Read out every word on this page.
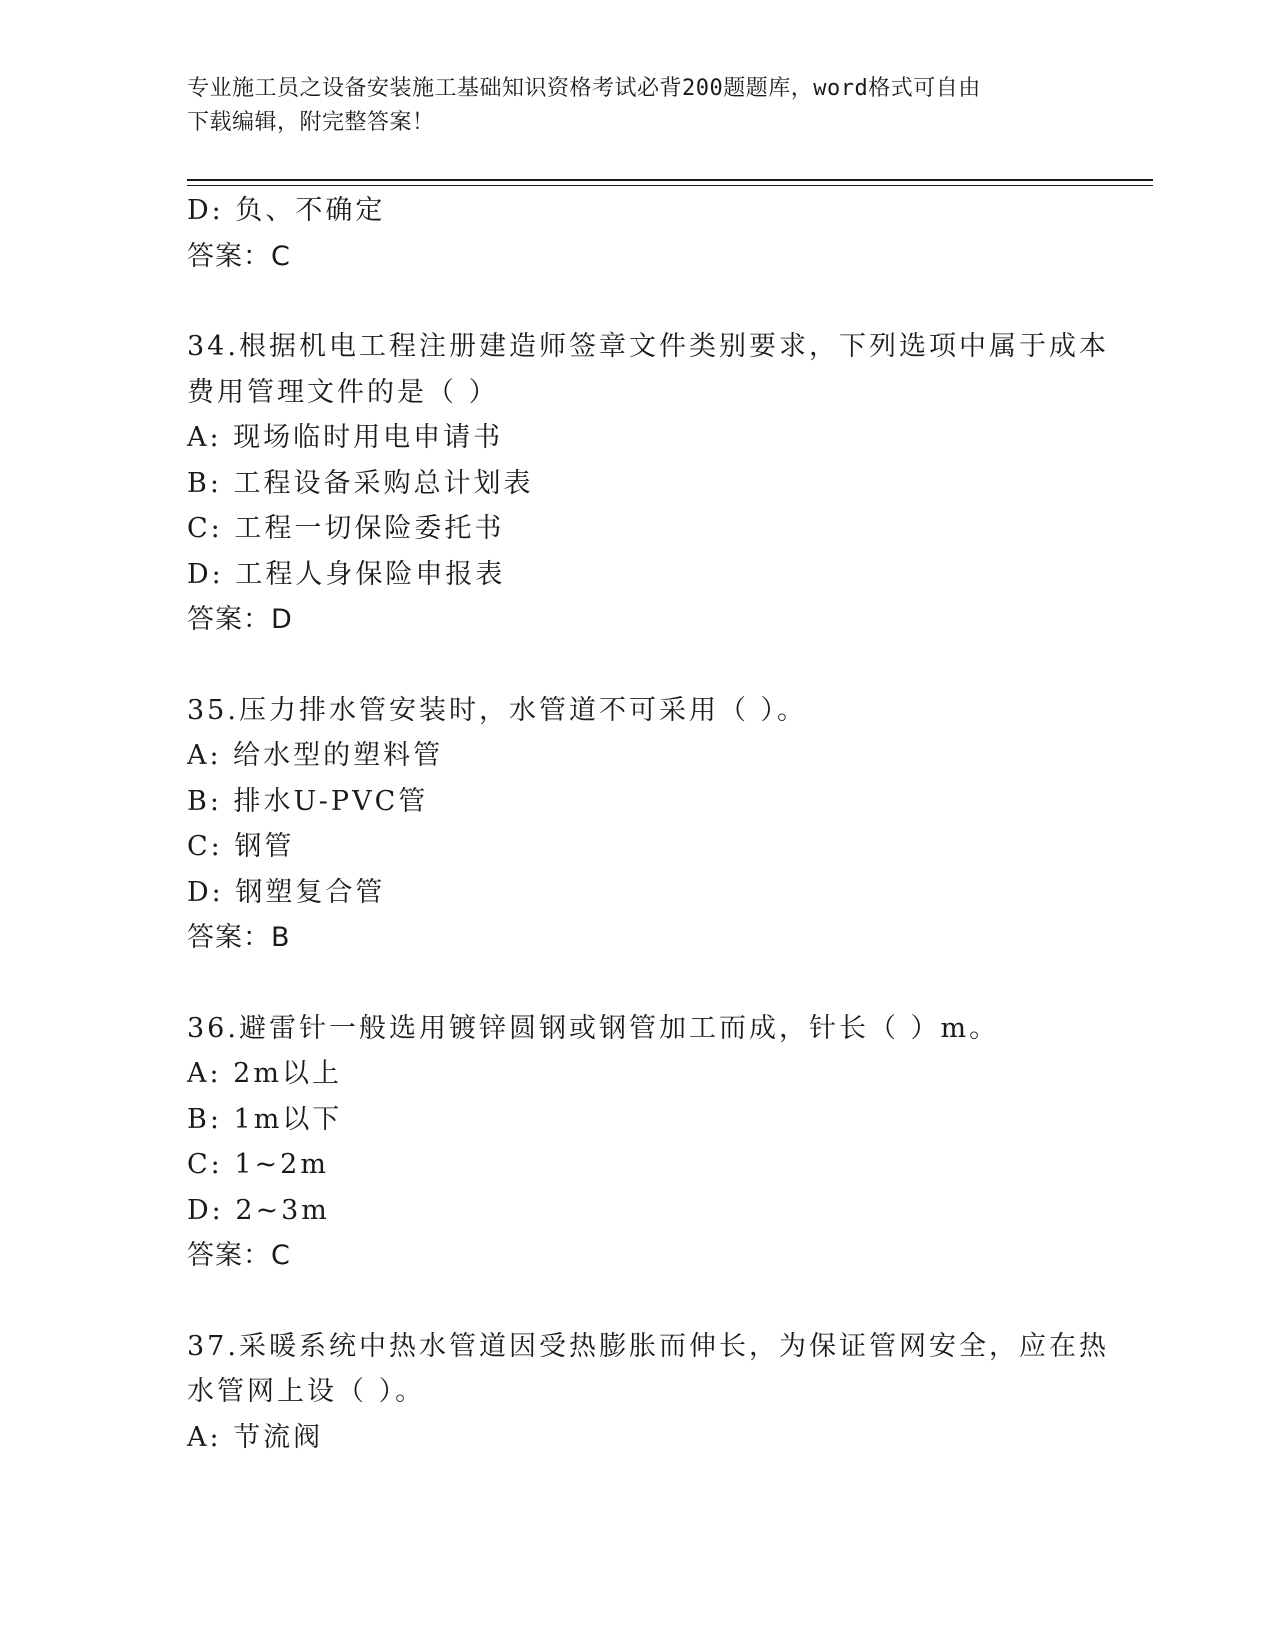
专业施工员之设备安装施工基础知识资格考试必背200题题库，word格式可自由
下载编辑，附完整答案！
D: 负、不确定
答案：C
34.根据机电工程注册建造师签章文件类别要求，下列选项中属于成本
费用管理文件的是（ ）
A: 现场临时用电申请书
B: 工程设备采购总计划表
C: 工程一切保险委托书
D: 工程人身保险申报表
答案：D
35.压力排水管安装时，水管道不可采用（ ）。
A: 给水型的塑料管
B: 排水U-PVC管
C: 钢管
D: 钢塑复合管
答案：B
36.避雷针一般选用镀锌圆钢或钢管加工而成，针长（ ）m。
A: 2m以上
B: 1m以下
C: 1~2m
D: 2~3m
答案：C
37.采暖系统中热水管道因受热膨胀而伸长，为保证管网安全，应在热
水管网上设（ ）。
A: 节流阀
